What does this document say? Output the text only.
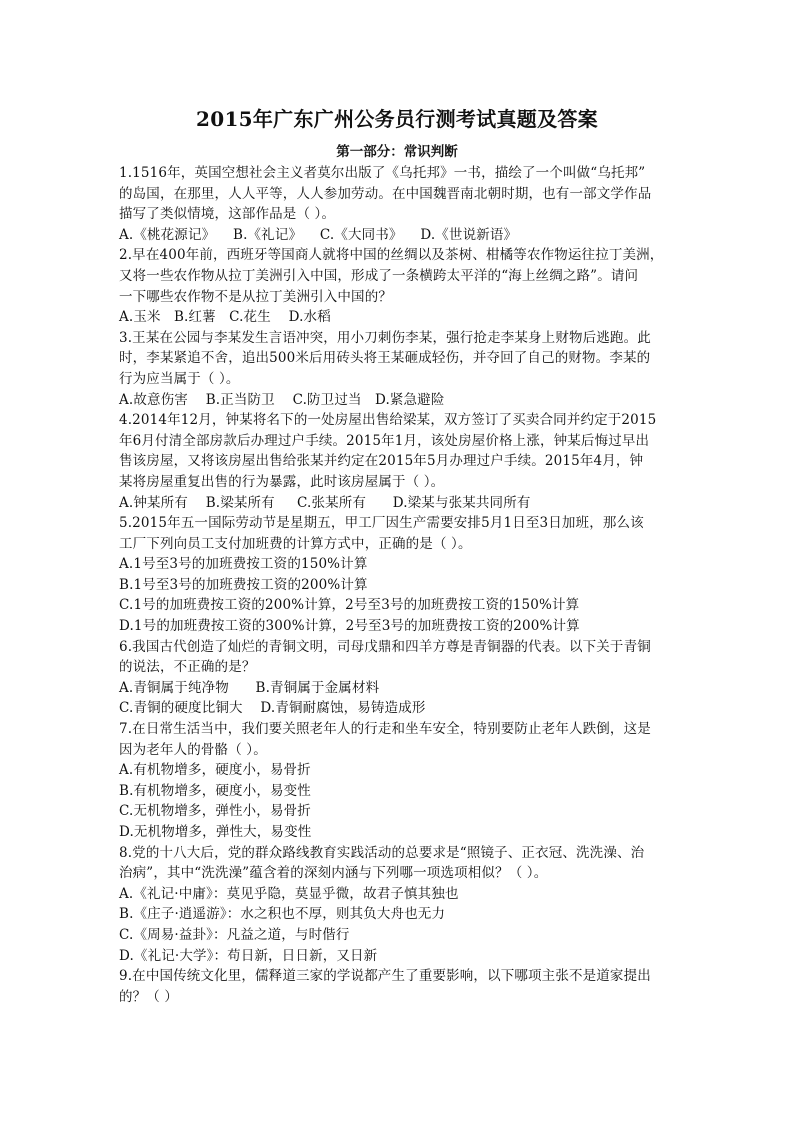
2015年广东广州公务员行测考试真题及答案
第一部分：常识判断
1.1516年，英国空想社会主义者莫尔出版了《乌托邦》一书，描绘了一个叫做“乌托邦”
的岛国，在那里，人人平等，人人参加劳动。在中国魏晋南北朝时期，也有一部文学作品
描写了类似情境，这部作品是（ ）。
A.《桃花源记》    B.《礼记》    C.《大同书》    D.《世说新语》
2.早在400年前，西班牙等国商人就将中国的丝绸以及茶树、柑橘等农作物运往拉丁美洲，
又将一些农作物从拉丁美洲引入中国，形成了一条横跨太平洋的“海上丝绸之路”。请问
一下哪些农作物不是从拉丁美洲引入中国的？
A.玉米   B.红薯   C.花生    D.水稻
3.王某在公园与李某发生言语冲突，用小刀刺伤李某，强行抢走李某身上财物后逃跑。此
时，李某紧追不舍，追出500米后用砖头将王某砸成轻伤，并夺回了自己的财物。李某的
行为应当属于（ ）。
A.故意伤害    B.正当防卫    C.防卫过当   D.紧急避险
4.2014年12月，钟某将名下的一处房屋出售给梁某，双方签订了买卖合同并约定于2015
年6月付清全部房款后办理过户手续。2015年1月，该处房屋价格上涨，钟某后悔过早出
售该房屋，又将该房屋出售给张某并约定在2015年5月办理过户手续。2015年4月，钟
某将房屋重复出售的行为暴露，此时该房屋属于（ ）。
A.钟某所有    B.梁某所有     C.张某所有      D.梁某与张某共同所有
5.2015年五一国际劳动节是星期五，甲工厂因生产需要安排5月1日至3日加班，那么该
工厂下列向员工支付加班费的计算方式中，正确的是（ ）。
A.1号至3号的加班费按工资的150%计算
B.1号至3号的加班费按工资的200%计算
C.1号的加班费按工资的200%计算，2号至3号的加班费按工资的150%计算
D.1号的加班费按工资的300%计算，2号至3号的加班费按工资的200%计算
6.我国古代创造了灿烂的青铜文明，司母戊鼎和四羊方尊是青铜器的代表。以下关于青铜
的说法，不正确的是？
A.青铜属于纯净物      B.青铜属于金属材料
C.青铜的硬度比铜大    D.青铜耐腐蚀，易铸造成形
7.在日常生活当中，我们要关照老年人的行走和坐车安全，特别要防止老年人跌倒，这是
因为老年人的骨骼（ ）。
A.有机物增多，硬度小，易骨折
B.有机物增多，硬度小，易变性
C.无机物增多，弹性小，易骨折
D.无机物增多，弹性大，易变性
8.党的十八大后，党的群众路线教育实践活动的总要求是“照镜子、正衣冠、洗洗澡、治
治病”，其中“洗洗澡”蕴含着的深刻内涵与下列哪一项选项相似？（ ）。
A.《礼记·中庸》：莫见乎隐，莫显乎微，故君子慎其独也
B.《庄子·逍遥游》：水之积也不厚，则其负大舟也无力
C.《周易·益卦》：凡益之道，与时偕行
D.《礼记·大学》：苟日新，日日新，又日新
9.在中国传统文化里，儒释道三家的学说都产生了重要影响，以下哪项主张不是道家提出
的？（ ）
